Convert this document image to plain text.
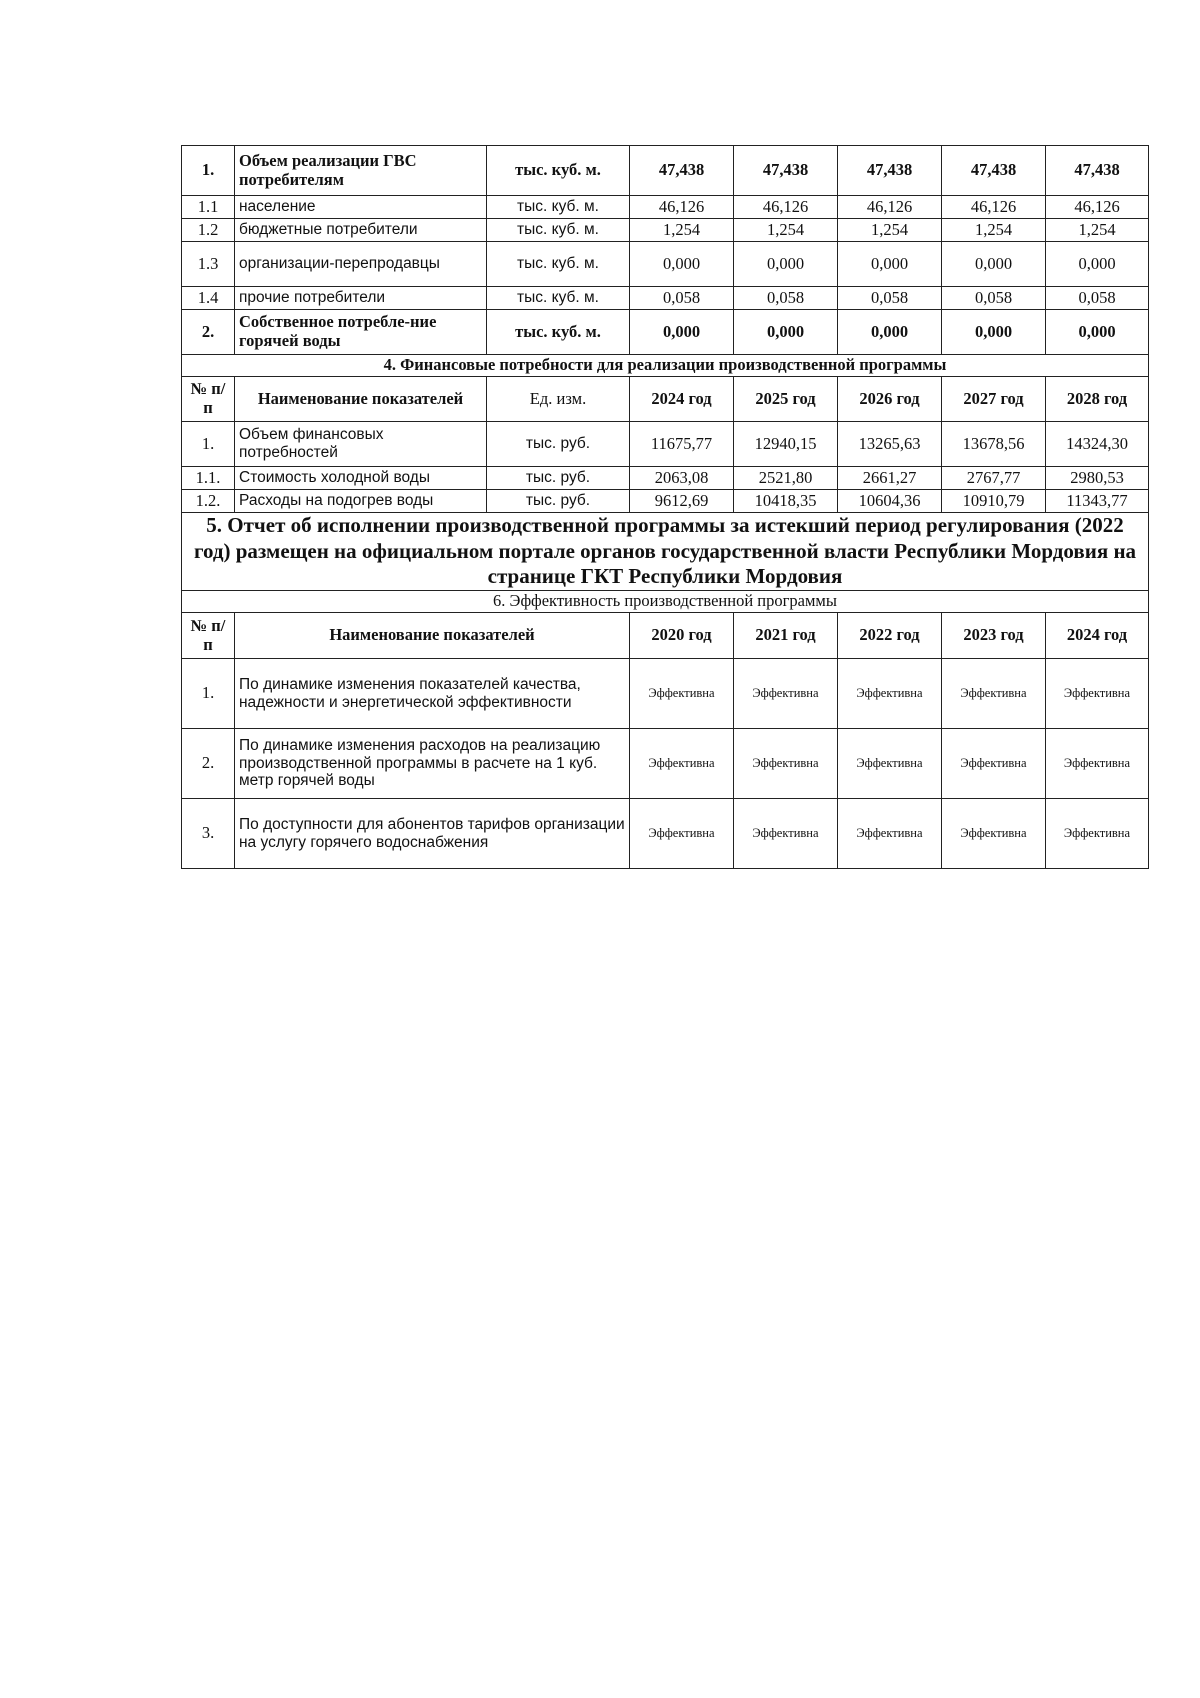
1.	Объем реализации ГВС потребителям	тыс. куб. м.	47,438	47,438	47,438	47,438	47,438
1.1	население	тыс. куб. м.	46,126	46,126	46,126	46,126	46,126
1.2	бюджетные потребители	тыс. куб. м.	1,254	1,254	1,254	1,254	1,254
1.3	организации-перепродавцы	тыс. куб. м.	0,000	0,000	0,000	0,000	0,000
1.4	прочие потребители	тыс. куб. м.	0,058	0,058	0,058	0,058	0,058
2.	Собственное потребле-ние горячей воды	тыс. куб. м.	0,000	0,000	0,000	0,000	0,000
4. Финансовые потребности для реализации производственной программы							
№ п/п	Наименование показателей	Ед. изм.	2024 год	2025 год	2026 год	2027 год	2028 год
1.	Объем финансовых потребностей	тыс. руб.	11675,77	12940,15	13265,63	13678,56	14324,30
1.1.	Стоимость холодной воды	тыс. руб.	2063,08	2521,80	2661,27	2767,77	2980,53
1.2.	Расходы на подогрев воды	тыс. руб.	9612,69	10418,35	10604,36	10910,79	11343,77
5. Отчет об исполнении производственной программы за истекший период регулирования (2022 год) размещен на официальном портале органов государственной власти Республики Мордовия на странице ГКТ Республики Мордовия							
6. Эффективность производственной программы							
№ п/п	Наименование показателей		2020 год	2021 год	2022 год	2023 год	2024 год
1.	По динамике изменения показателей качества, надежности и энергетической эффективности		Эффективна	Эффективна	Эффективна	Эффективна	Эффективна
2.	По динамике изменения расходов на реализацию производственной программы в расчете на 1 куб. метр горячей воды		Эффективна	Эффективна	Эффективна	Эффективна	Эффективна
3.	По доступности для абонентов тарифов организации на услугу горячего водоснабжения		Эффективна	Эффективна	Эффективна	Эффективна	Эффективна
